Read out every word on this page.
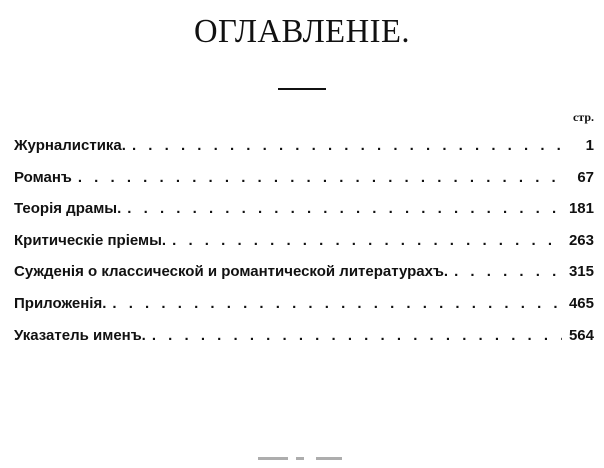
ОГЛАВЛЕНІЕ.
стр.
Журналистика. . . .	1
Романъ . . .	67
Теорія драмы. . . .	181
Критическіе пріемы. . . .	263
Сужденія о классической и романтической литературахъ. . . .	315
Приложенія. . . .	465
Указатель именъ. . . .	564
